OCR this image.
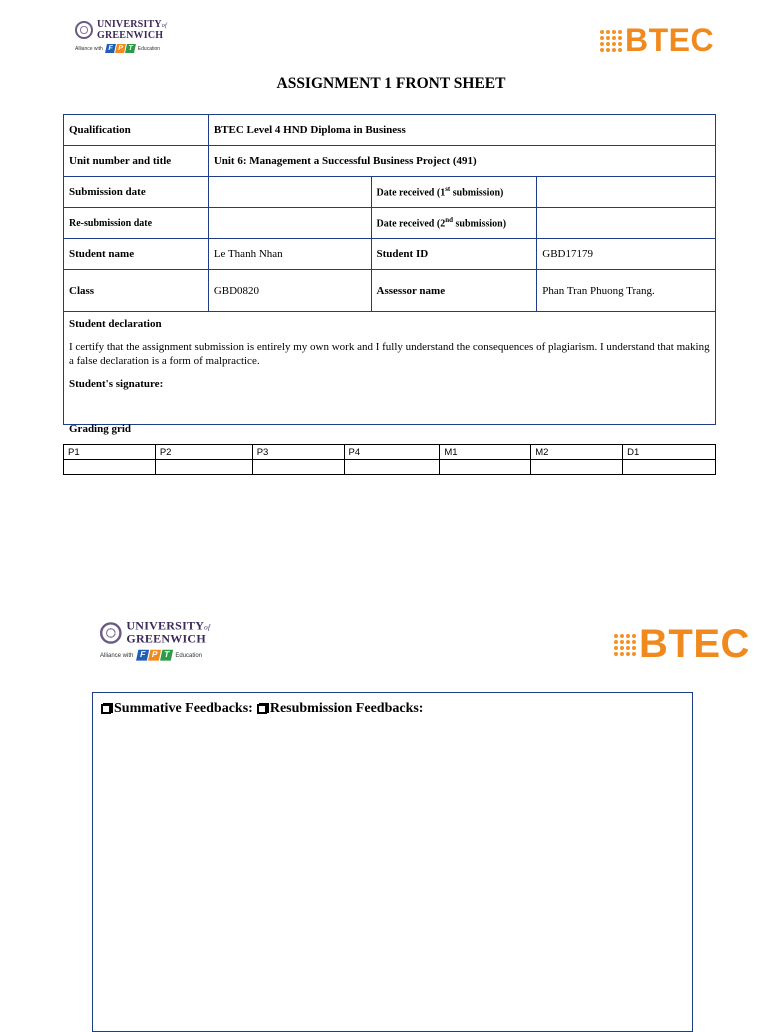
UNIVERSITYof
GREENWICH
Alliance with F P T Education	BTEC
ASSIGNMENT 1 FRONT SHEET
Qualification	BTEC Level 4 HND Diploma in Business		
Unit number and title	Unit 6: Management a Successful Business Project (491)		
Submission date		Date received (1st submission)	
Re-submission date		Date received (2nd submission)	
Student name	Le Thanh Nhan	Student ID	GBD17179
Class	GBD0820	Assessor name	Phan Tran Phuong Trang.

Student declaration
I certify that the assignment submission is entirely my own work and I fully understand the consequences of plagiarism. I understand that making a false declaration is a form of malpractice.
Student's signature:			
Grading grid
P1	P2	P3	P4	M1	M2	D1

UNIVERSITYof
GREENWICH
Alliance with F P T	Education	BTEC
Summative Feedbacks: Resubmission Feedbacks:
